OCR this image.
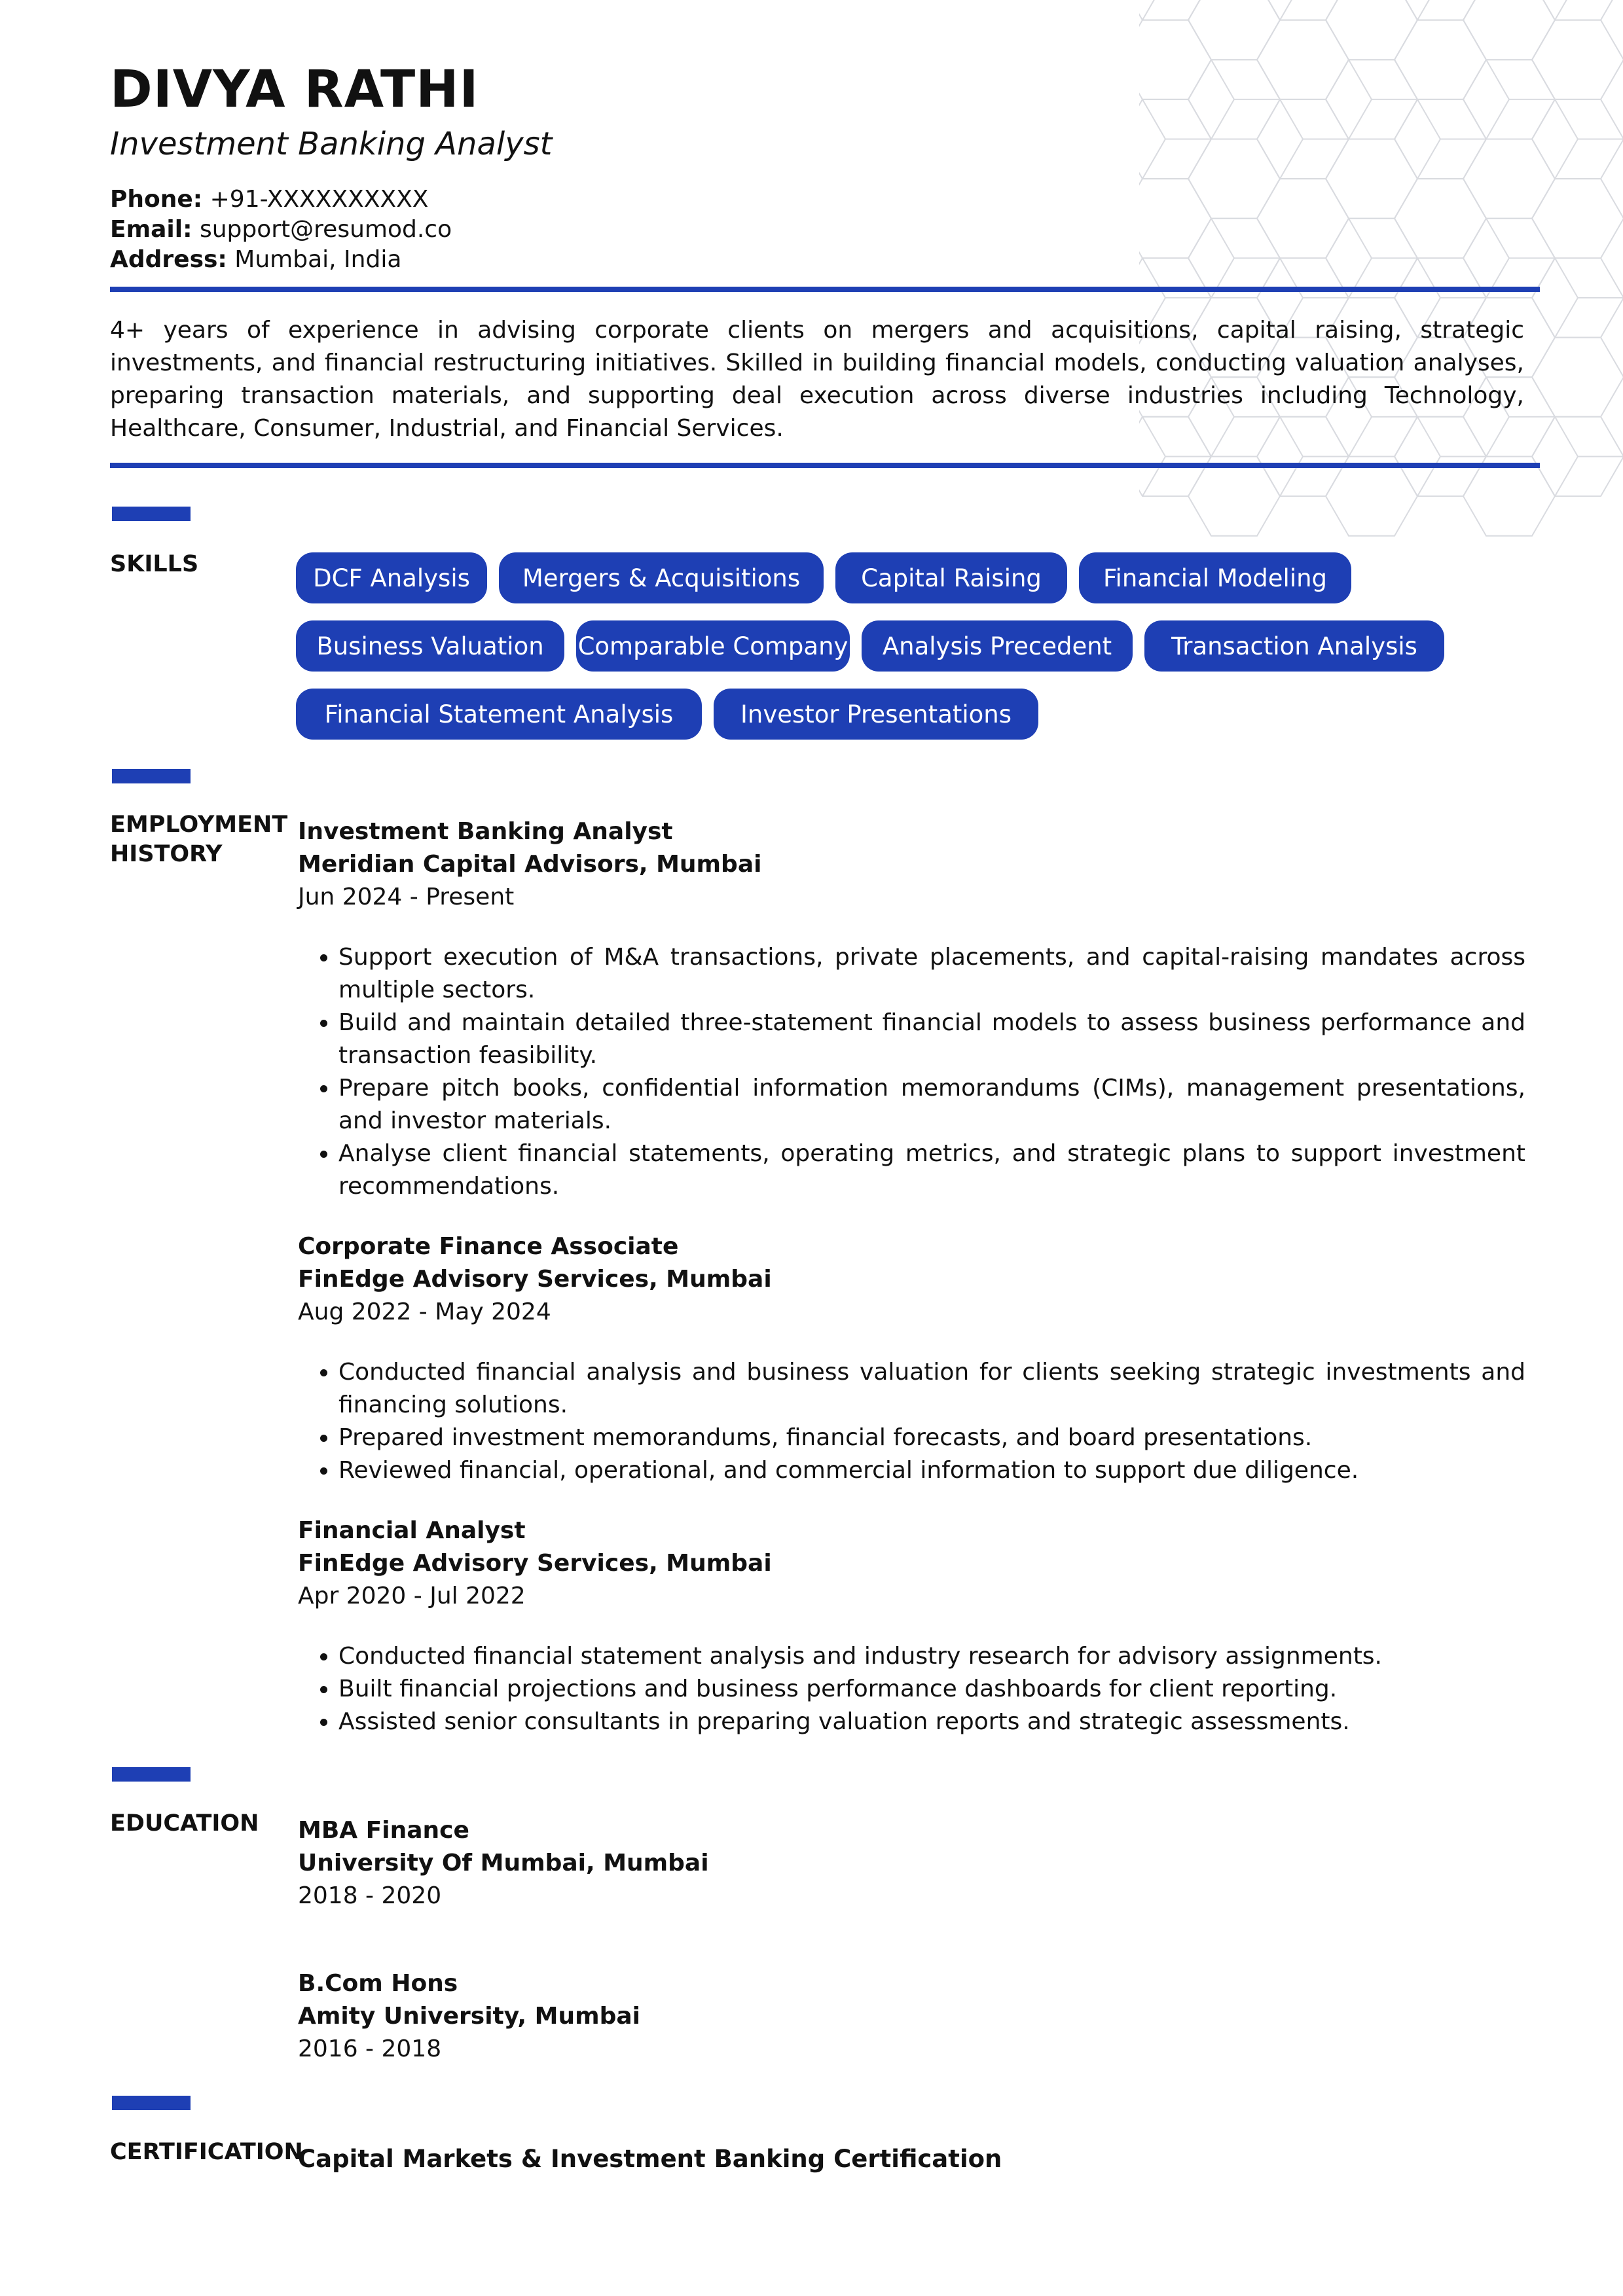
DIVYA RATHI
Investment Banking Analyst
Phone: +91-XXXXXXXXXX
Email: support@resumod.co
Address: Mumbai, India

4+ years of experience in advising corporate clients on mergers and acquisitions, capital raising, strategic investments, and financial restructuring initiatives. Skilled in building financial models, conducting valuation analyses, preparing transaction materials, and supporting deal execution across diverse industries including Technology, Healthcare, Consumer, Industrial, and Financial Services.

SKILLS	DCF Analysis	Mergers & Acquisitions	Capital Raising	Financial Modeling
Business Valuation	Comparable Company	Analysis Precedent	Transaction Analysis
Financial Statement Analysis	Investor Presentations
EMPLOYMENT
HISTORY
Investment Banking Analyst
Meridian Capital Advisors, Mumbai
Jun 2024 - Present
• Support execution of M&A transactions, private placements, and capital-raising mandates across multiple sectors.
• Build and maintain detailed three-statement financial models to assess business performance and transaction feasibility.
• Prepare pitch books, confidential information memorandums (CIMs), management presentations, and investor materials.
• Analyse client financial statements, operating metrics, and strategic plans to support investment recommendations.
Corporate Finance Associate
FinEdge Advisory Services, Mumbai
Aug 2022 - May 2024
• Conducted financial analysis and business valuation for clients seeking strategic investments and financing solutions.
• Prepared investment memorandums, financial forecasts, and board presentations.
• Reviewed financial, operational, and commercial information to support due diligence.
Financial Analyst
FinEdge Advisory Services, Mumbai
Apr 2020 - Jul 2022
• Conducted financial statement analysis and industry research for advisory assignments.
• Built financial projections and business performance dashboards for client reporting.
• Assisted senior consultants in preparing valuation reports and strategic assessments.
EDUCATION	MBA Finance
University Of Mumbai, Mumbai
2018 - 2020
B.Com Hons
Amity University, Mumbai
2016 - 2018
CERTIFICATION
Capital Markets & Investment Banking Certification
